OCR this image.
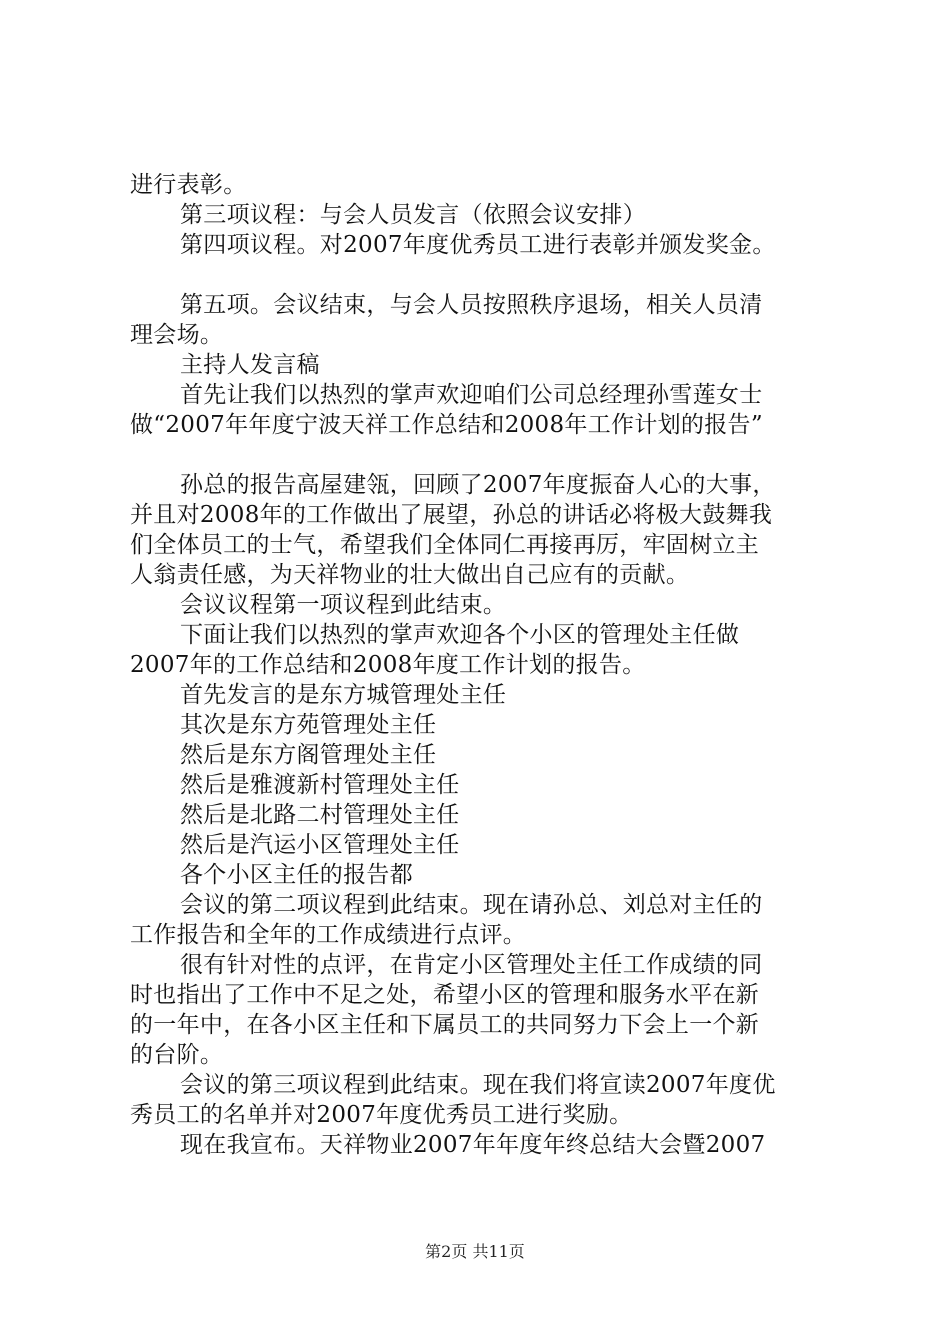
进行表彰。
第三项议程：与会人员发言（依照会议安排）
第四项议程。对2007年度优秀员工进行表彰并颁发奖金。
第五项。会议结束，与会人员按照秩序退场，相关人员清
理会场。
主持人发言稿
首先让我们以热烈的掌声欢迎咱们公司总经理孙雪莲女士
做“2007年年度宁波天祥工作总结和2008年工作计划的报告”
孙总的报告高屋建瓴，回顾了2007年度振奋人心的大事，
并且对2008年的工作做出了展望，孙总的讲话必将极大鼓舞我
们全体员工的士气，希望我们全体同仁再接再厉，牢固树立主
人翁责任感，为天祥物业的壮大做出自己应有的贡献。
会议议程第一项议程到此结束。
下面让我们以热烈的掌声欢迎各个小区的管理处主任做
2007年的工作总结和2008年度工作计划的报告。
首先发言的是东方城管理处主任
其次是东方苑管理处主任
然后是东方阁管理处主任
然后是雅渡新村管理处主任
然后是北路二村管理处主任
然后是汽运小区管理处主任
各个小区主任的报告都
会议的第二项议程到此结束。现在请孙总、刘总对主任的
工作报告和全年的工作成绩进行点评。
很有针对性的点评，在肯定小区管理处主任工作成绩的同
时也指出了工作中不足之处，希望小区的管理和服务水平在新
的一年中，在各小区主任和下属员工的共同努力下会上一个新
的台阶。
会议的第三项议程到此结束。现在我们将宣读2007年度优
秀员工的名单并对2007年度优秀员工进行奖励。
现在我宣布。天祥物业2007年年度年终总结大会暨2007
第2页 共11页
